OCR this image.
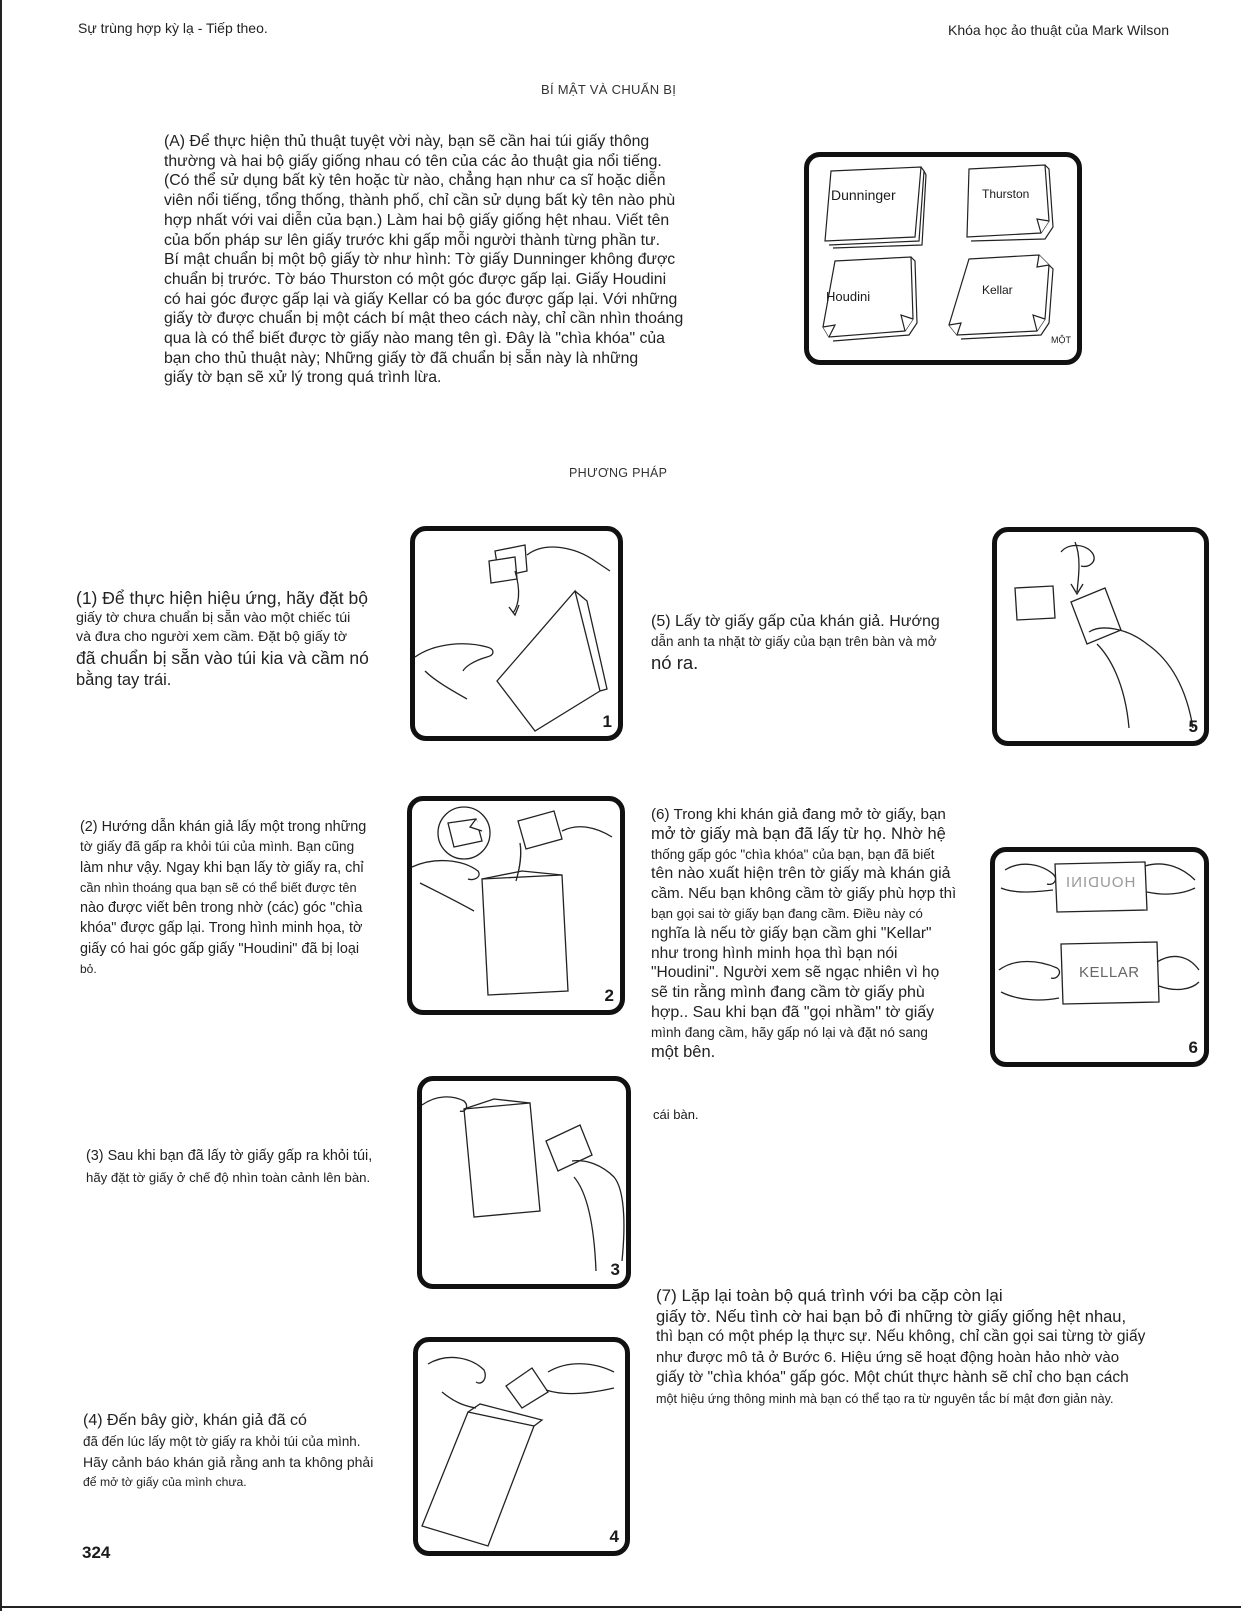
Sự trùng hợp kỳ lạ - Tiếp theo.	Khóa học ảo thuật của Mark Wilson
BÍ MẬT VÀ CHUẨN BỊ

(A) Để thực hiện thủ thuật tuyệt vời này, bạn sẽ cần hai túi giấy thông

thường và hai bộ giấy giống nhau có tên của các ảo thuật gia nổi tiếng.

(Có thể sử dụng bất kỳ tên hoặc từ nào, chẳng hạn như ca sĩ hoặc diễn

viên nổi tiếng, tổng thống, thành phố, chỉ cần sử dụng bất kỳ tên nào phù

hợp nhất với vai diễn của bạn.) Làm hai bộ giấy giống hệt nhau. Viết tên

của bốn pháp sư lên giấy trước khi gấp mỗi người thành từng phần tư.

Bí mật chuẩn bị một bộ giấy tờ như hình: Tờ giấy Dunninger không được

chuẩn bị trước. Tờ báo Thurston có một góc được gấp lại. Giấy Houdini

có hai góc được gấp lại và giấy Kellar có ba góc được gấp lại. Với những

giấy tờ được chuẩn bị một cách bí mật theo cách này, chỉ cần nhìn thoáng

qua là có thể biết được tờ giấy nào mang tên gì. Đây là "chìa khóa" của

bạn cho thủ thuật này; Những giấy tờ đã chuẩn bị sẵn này là những

giấy tờ bạn sẽ xử lý trong quá trình lừa.

Dunninger	Thurston
Houdini	Kellar
MỘT
PHƯƠNG PHÁP

(1) Để thực hiện hiệu ứng, hãy đặt bộ

giấy tờ chưa chuẩn bị sẵn vào một chiếc túi

và đưa cho người xem cầm. Đặt bộ giấy tờ

đã chuẩn bị sẵn vào túi kia và cầm nó

bằng tay trái.

1

(5) Lấy tờ giấy gấp của khán giả. Hướng

dẫn anh ta nhặt tờ giấy của bạn trên bàn và mở

nó ra.

5

(2) Hướng dẫn khán giả lấy một trong những

tờ giấy đã gấp ra khỏi túi của mình. Bạn cũng

làm như vậy. Ngay khi bạn lấy tờ giấy ra, chỉ

cần nhìn thoáng qua bạn sẽ có thể biết được tên

nào được viết bên trong nhờ (các) góc "chìa

khóa" được gấp lại. Trong hình minh họa, tờ

giấy có hai góc gấp giấy "Houdini" đã bị loại

bỏ.

2

(6) Trong khi khán giả đang mở tờ giấy, bạn

mở tờ giấy mà bạn đã lấy từ họ. Nhờ hệ

thống gấp góc "chìa khóa" của bạn, bạn đã biết

tên nào xuất hiện trên tờ giấy mà khán giả

cầm. Nếu bạn không cầm tờ giấy phù hợp thì

bạn gọi sai tờ giấy bạn đang cầm. Điều này có

nghĩa là nếu tờ giấy bạn cầm ghi "Kellar"

như trong hình minh họa thì bạn nói

"Houdini". Người xem sẽ ngạc nhiên vì họ

sẽ tin rằng mình đang cầm tờ giấy phù

hợp.. Sau khi bạn đã "gọi nhầm" tờ giấy

mình đang cầm, hãy gấp nó lại và đặt nó sang

một bên.

cái bàn.
HOUDINI
KELLAR
6

(3) Sau khi bạn đã lấy tờ giấy gấp ra khỏi túi,

hãy đặt tờ giấy ở chế độ nhìn toàn cảnh lên bàn.

3

(7) Lặp lại toàn bộ quá trình với ba cặp còn lại

giấy tờ. Nếu tình cờ hai bạn bỏ đi những tờ giấy giống hệt nhau,

thì bạn có một phép lạ thực sự. Nếu không, chỉ cần gọi sai từng tờ giấy

như được mô tả ở Bước 6. Hiệu ứng sẽ hoạt động hoàn hảo nhờ vào

giấy tờ "chìa khóa" gấp góc. Một chút thực hành sẽ chỉ cho bạn cách

một hiệu ứng thông minh mà bạn có thể tạo ra từ nguyên tắc bí mật đơn giản này.

(4) Đến bây giờ, khán giả đã có

đã đến lúc lấy một tờ giấy ra khỏi túi của mình.

Hãy cảnh báo khán giả rằng anh ta không phải

để mở tờ giấy của mình chưa.

4
324
